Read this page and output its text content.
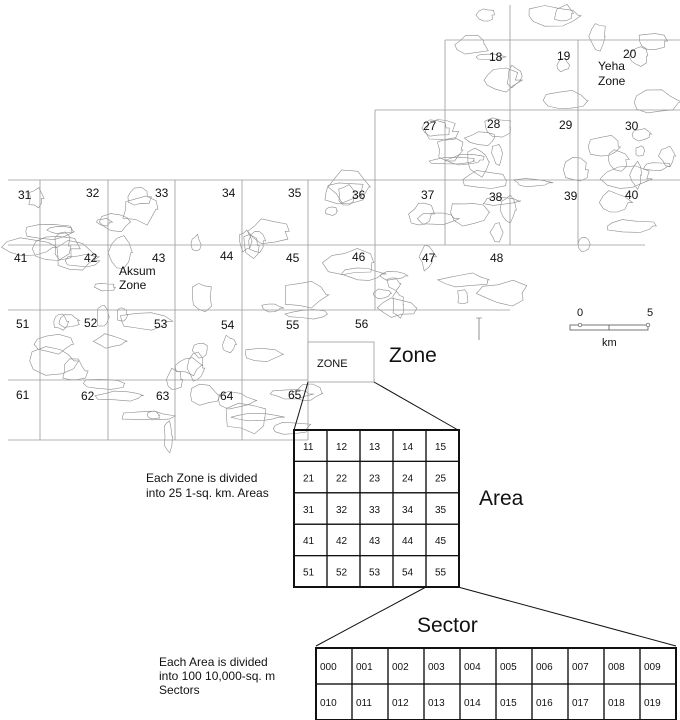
18	19	20
27	28	29	30
31	32	33	34	35	36	37	38	39	40
41	42	43	44	45	46	47	48
51	52	53	54	55	56
61	62	63	64	65
Yeha
Zone
Aksum
Zone
0	5
km
ZONE Zone
11 12 13 14 15
21 22 23 24 25
31 32 33 34 35
41 42 43 44 45
51 52 53 54 55
Area
Each Zone is divided
into 25 1-sq. km. Areas
Sector
Each Area is divided
into 100 10,000-sq. m
Sectors
000 001 002 003 004 005 006 007 008 009
010 011 012 013 014 015 016 017 018 019
